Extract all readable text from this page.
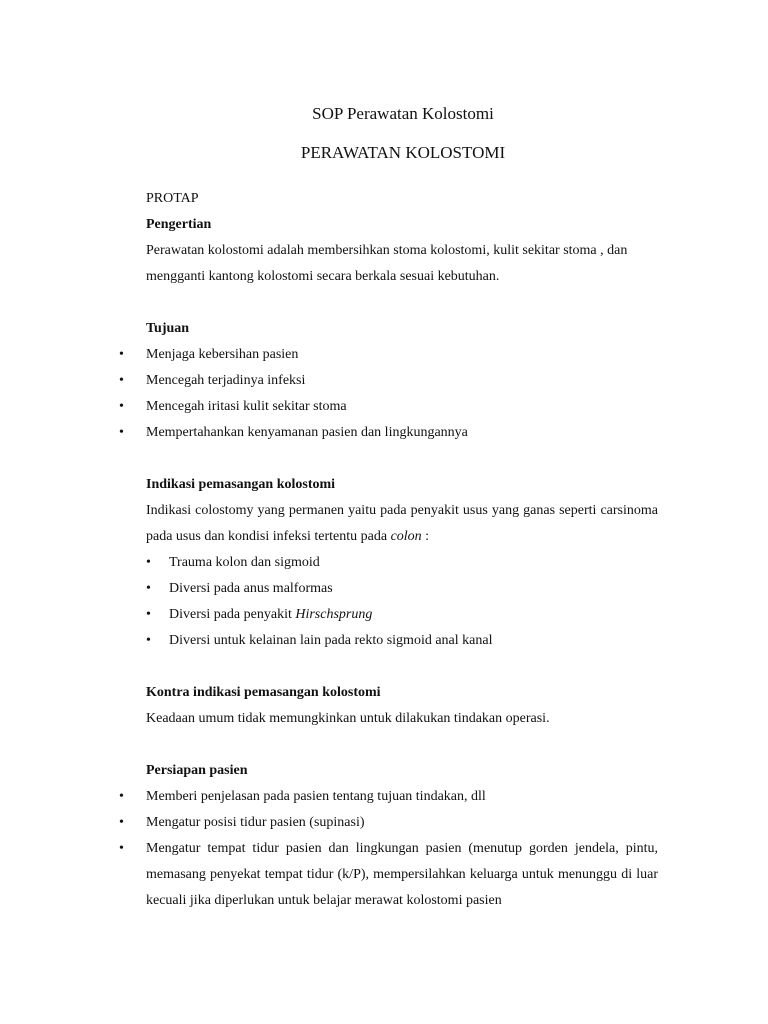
SOP Perawatan Kolostomi
PERAWATAN KOLOSTOMI
PROTAP
Pengertian

Perawatan kolostomi adalah membersihkan stoma kolostomi, kulit sekitar stoma , dan mengganti kantong kolostomi secara berkala sesuai kebutuhan.

Tujuan
• Menjaga kebersihan pasien
• Mencegah terjadinya infeksi
• Mencegah iritasi kulit sekitar stoma
• Mempertahankan kenyamanan pasien dan lingkungannya
Indikasi pemasangan kolostomi

Indikasi colostomy yang permanen yaitu pada penyakit usus yang ganas seperti carsinoma pada usus dan kondisi infeksi tertentu pada colon :

• Trauma kolon dan sigmoid
• Diversi pada anus malformas
• Diversi pada penyakit Hirschsprung
• Diversi untuk kelainan lain pada rekto sigmoid anal kanal
Kontra indikasi pemasangan kolostomi

Keadaan umum tidak memungkinkan untuk dilakukan tindakan operasi.

Persiapan pasien
• Memberi penjelasan pada pasien tentang tujuan tindakan, dll
• Mengatur posisi tidur pasien (supinasi)
• Mengatur tempat tidur pasien dan lingkungan pasien (menutup gorden jendela, pintu, memasang penyekat tempat tidur (k/P), mempersilahkan keluarga untuk menunggu di luar kecuali jika diperlukan untuk belajar merawat kolostomi pasien
